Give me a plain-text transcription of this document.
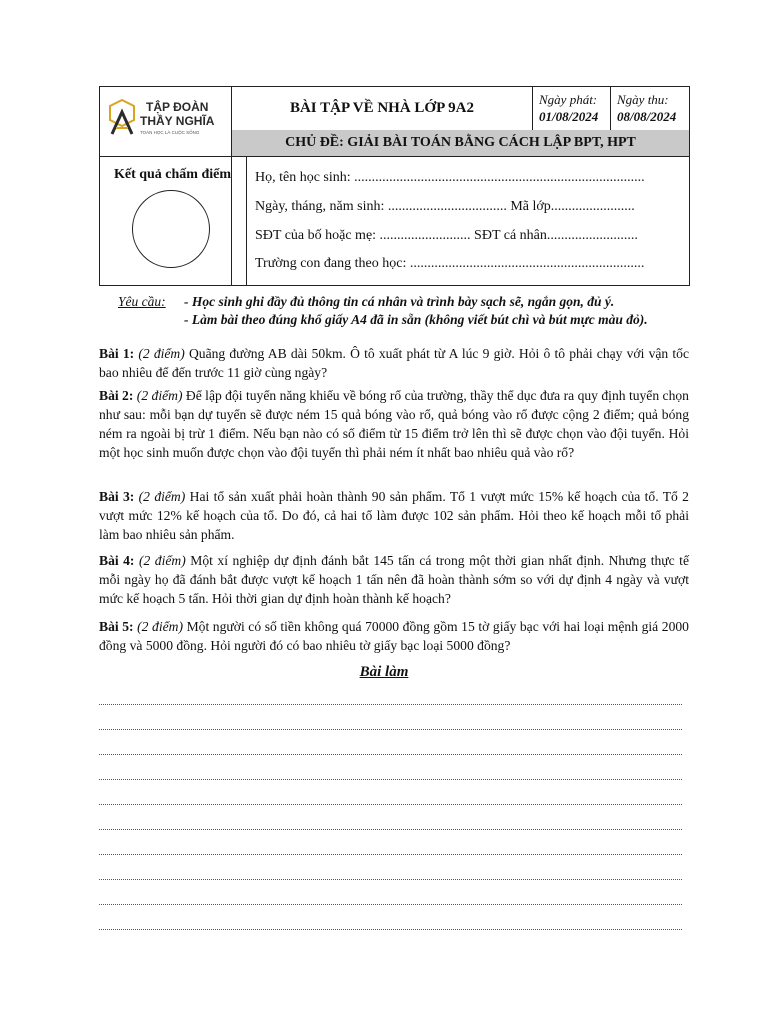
TẬP ĐOÀN
THẦY NGHĨA
TOÁN HỌC LÀ CUỘC SỐNG
BÀI TẬP VỀ NHÀ LỚP 9A2
Ngày phát:
01/08/2024
Ngày thu:
08/08/2024
CHỦ ĐỀ: GIẢI BÀI TOÁN BẰNG CÁCH LẬP BPT, HPT
Kết quả chấm điểm	Họ, tên học sinh: ...................................................................................
Ngày, tháng, năm sinh: .................................. Mã lớp........................
SĐT của bố hoặc mẹ: .......................... SĐT cá nhân..........................
Trường con đang theo học: ...................................................................
Yêu cầu: - Học sinh ghi đầy đủ thông tin cá nhân và trình bày sạch sẽ, ngắn gọn, đủ ý.
- Làm bài theo đúng khổ giấy A4 đã in sẵn (không viết bút chì và bút mực màu đỏ).
Bài 1: (2 điểm) Quãng đường AB dài 50km. Ô tô xuất phát từ A lúc 9 giờ. Hỏi ô tô phải chạy với vận tốc bao nhiêu để đến trước 11 giờ cùng ngày?
Bài 2: (2 điểm) Để lập đội tuyển năng khiếu về bóng rổ của trường, thầy thể dục đưa ra quy định tuyển chọn như sau: mỗi bạn dự tuyển sẽ được ném 15 quả bóng vào rổ, quả bóng vào rổ được cộng 2 điểm; quả bóng ném ra ngoài bị trừ 1 điểm. Nếu bạn nào có số điểm từ 15 điểm trở lên thì sẽ được chọn vào đội tuyển. Hỏi một học sinh muốn được chọn vào đội tuyển thì phải ném ít nhất bao nhiêu quả vào rổ?
Bài 3: (2 điểm) Hai tổ sản xuất phải hoàn thành 90 sản phẩm. Tổ 1 vượt mức 15% kế hoạch của tổ. Tổ 2 vượt mức 12% kế hoạch của tổ. Do đó, cả hai tổ làm được 102 sản phẩm. Hỏi theo kế hoạch mỗi tổ phải làm bao nhiêu sản phẩm.
Bài 4: (2 điểm) Một xí nghiệp dự định đánh bắt 145 tấn cá trong một thời gian nhất định. Nhưng thực tế mỗi ngày họ đã đánh bắt được vượt kế hoạch 1 tấn nên đã hoàn thành sớm so với dự định 4 ngày và vượt mức kế hoạch 5 tấn. Hỏi thời gian dự định hoàn thành kế hoạch?
Bài 5: (2 điểm) Một người có số tiền không quá 70000 đồng gồm 15 tờ giấy bạc với hai loại mệnh giá 2000 đồng và 5000 đồng. Hỏi người đó có bao nhiêu tờ giấy bạc loại 5000 đồng?
Bài làm
